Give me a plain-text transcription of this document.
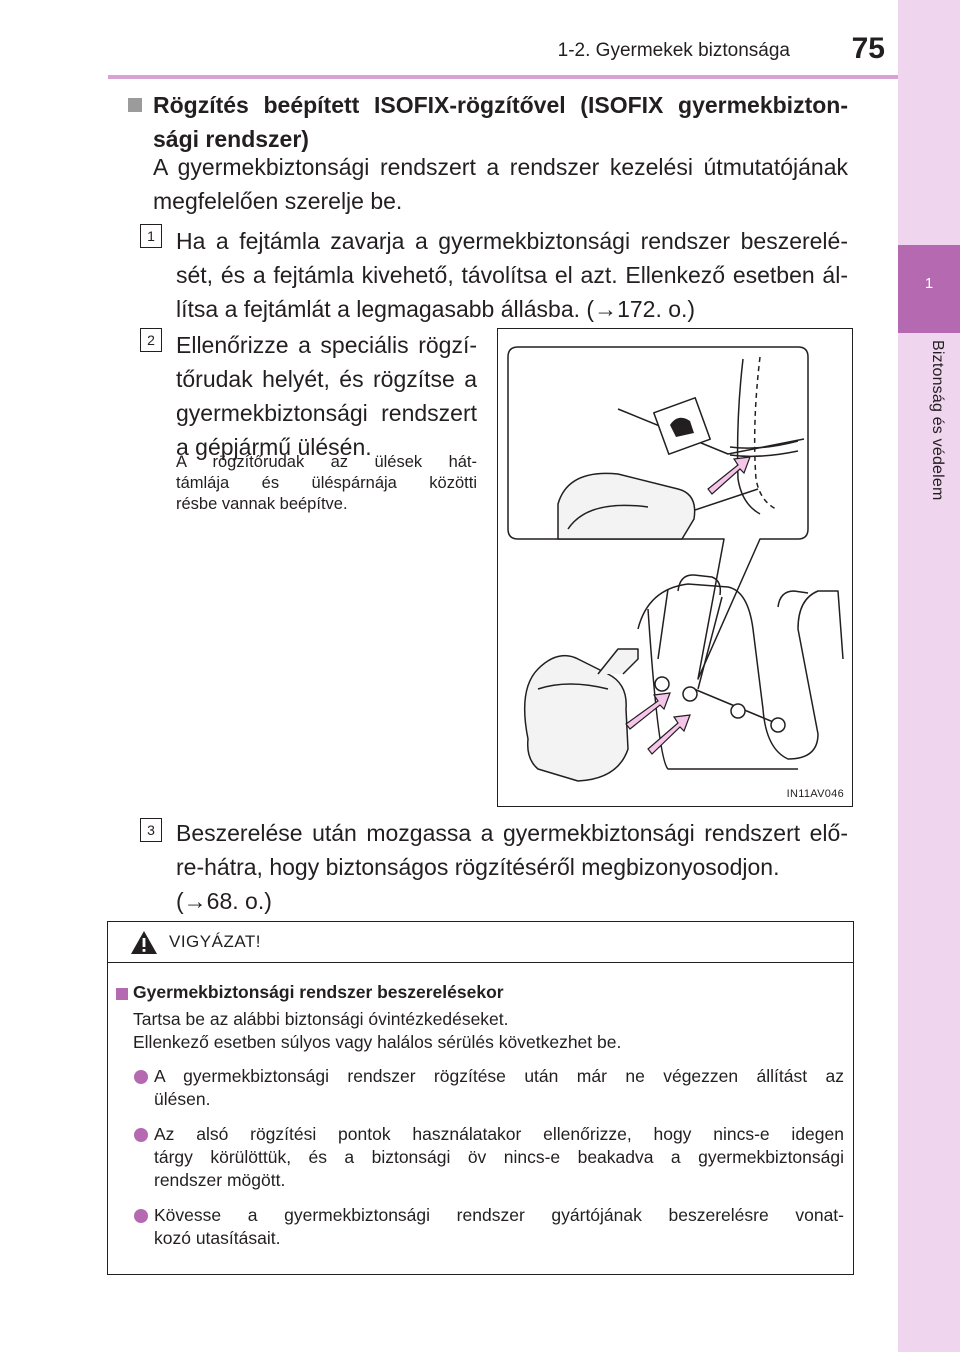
1-2. Gyermekek biztonsága	75
1
Biztonság és védelem
Rögzítés beépített ISOFIX-rögzítővel (ISOFIX gyermekbizton-
sági rendszer)
A gyermekbiztonsági rendszert a rendszer kezelési útmutatójának
megfelelően szerelje be.
1 Ha a fejtámla zavarja a gyermekbiztonsági rendszer beszerelé-
sét, és a fejtámla kivehető, távolítsa el azt. Ellenkező esetben ál-
lítsa a fejtámlát a legmagasabb állásba. (→172. o.)
2 Ellenőrizze a speciális rögzí-
tőrudak helyét, és rögzítse a
gyermekbiztonsági rendszert
a gépjármű ülésén.
A rögzítőrudak az ülések hát-
támlája és üléspárnája közötti
résbe vannak beépítve.
IN11AV046
3 Beszerelése után mozgassa a gyermekbiztonsági rendszert elő-
re-hátra, hogy biztonságos rögzítéséről megbizonyosodjon.
(→68. o.)
VIGYÁZAT!
Gyermekbiztonsági rendszer beszerelésekor
Tartsa be az alábbi biztonsági óvintézkedéseket.
Ellenkező esetben súlyos vagy halálos sérülés következhet be.
A gyermekbiztonsági rendszer rögzítése után már ne végezzen állítást az
ülésen.
Az alsó rögzítési pontok használatakor ellenőrizze, hogy nincs-e idegen
tárgy körülöttük, és a biztonsági öv nincs-e beakadva a gyermekbiztonsági
rendszer mögött.
Kövesse a gyermekbiztonsági rendszer gyártójának beszerelésre vonat-
kozó utasításait.
